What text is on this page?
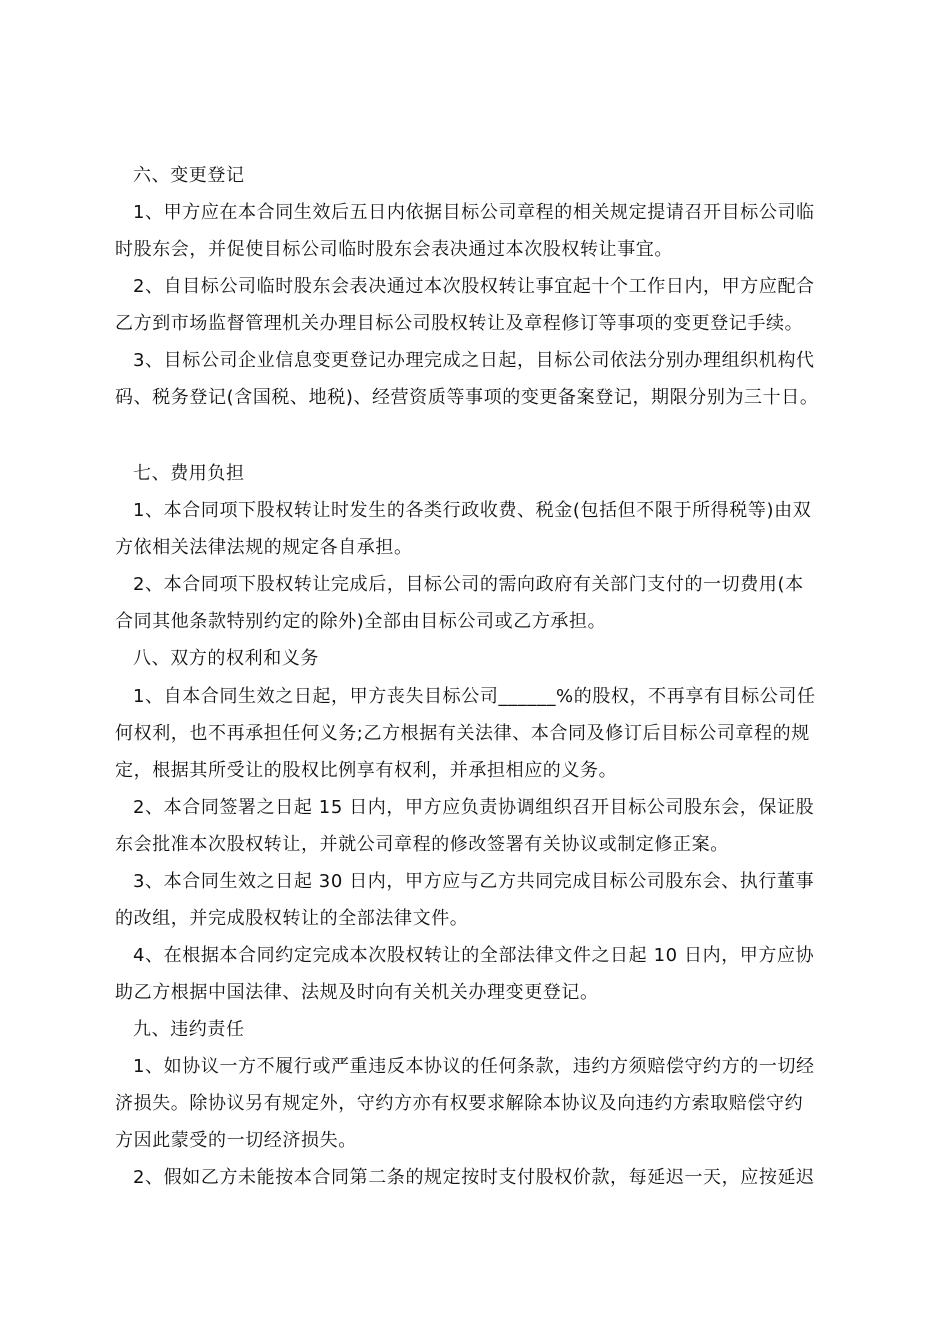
六、变更登记
1、甲方应在本合同生效后五日内依据目标公司章程的相关规定提请召开目标公司临
时股东会，并促使目标公司临时股东会表决通过本次股权转让事宜。
2、自目标公司临时股东会表决通过本次股权转让事宜起十个工作日内，甲方应配合
乙方到市场监督管理机关办理目标公司股权转让及章程修订等事项的变更登记手续。
3、目标公司企业信息变更登记办理完成之日起，目标公司依法分别办理组织机构代
码、税务登记(含国税、地税)、经营资质等事项的变更备案登记，期限分别为三十日。
七、费用负担
1、本合同项下股权转让时发生的各类行政收费、税金(包括但不限于所得税等)由双
方依相关法律法规的规定各自承担。
2、本合同项下股权转让完成后，目标公司的需向政府有关部门支付的一切费用(本
合同其他条款特别约定的除外)全部由目标公司或乙方承担。
八、双方的权利和义务
1、自本合同生效之日起，甲方丧失目标公司______%的股权，不再享有目标公司任
何权利，也不再承担任何义务;乙方根据有关法律、本合同及修订后目标公司章程的规
定，根据其所受让的股权比例享有权利，并承担相应的义务。
2、本合同签署之日起 15 日内，甲方应负责协调组织召开目标公司股东会，保证股
东会批准本次股权转让，并就公司章程的修改签署有关协议或制定修正案。
3、本合同生效之日起 30 日内，甲方应与乙方共同完成目标公司股东会、执行董事
的改组，并完成股权转让的全部法律文件。
4、在根据本合同约定完成本次股权转让的全部法律文件之日起 10 日内，甲方应协
助乙方根据中国法律、法规及时向有关机关办理变更登记。
九、违约责任
1、如协议一方不履行或严重违反本协议的任何条款，违约方须赔偿守约方的一切经
济损失。除协议另有规定外，守约方亦有权要求解除本协议及向违约方索取赔偿守约
方因此蒙受的一切经济损失。
2、假如乙方未能按本合同第二条的规定按时支付股权价款，每延迟一天，应按延迟
